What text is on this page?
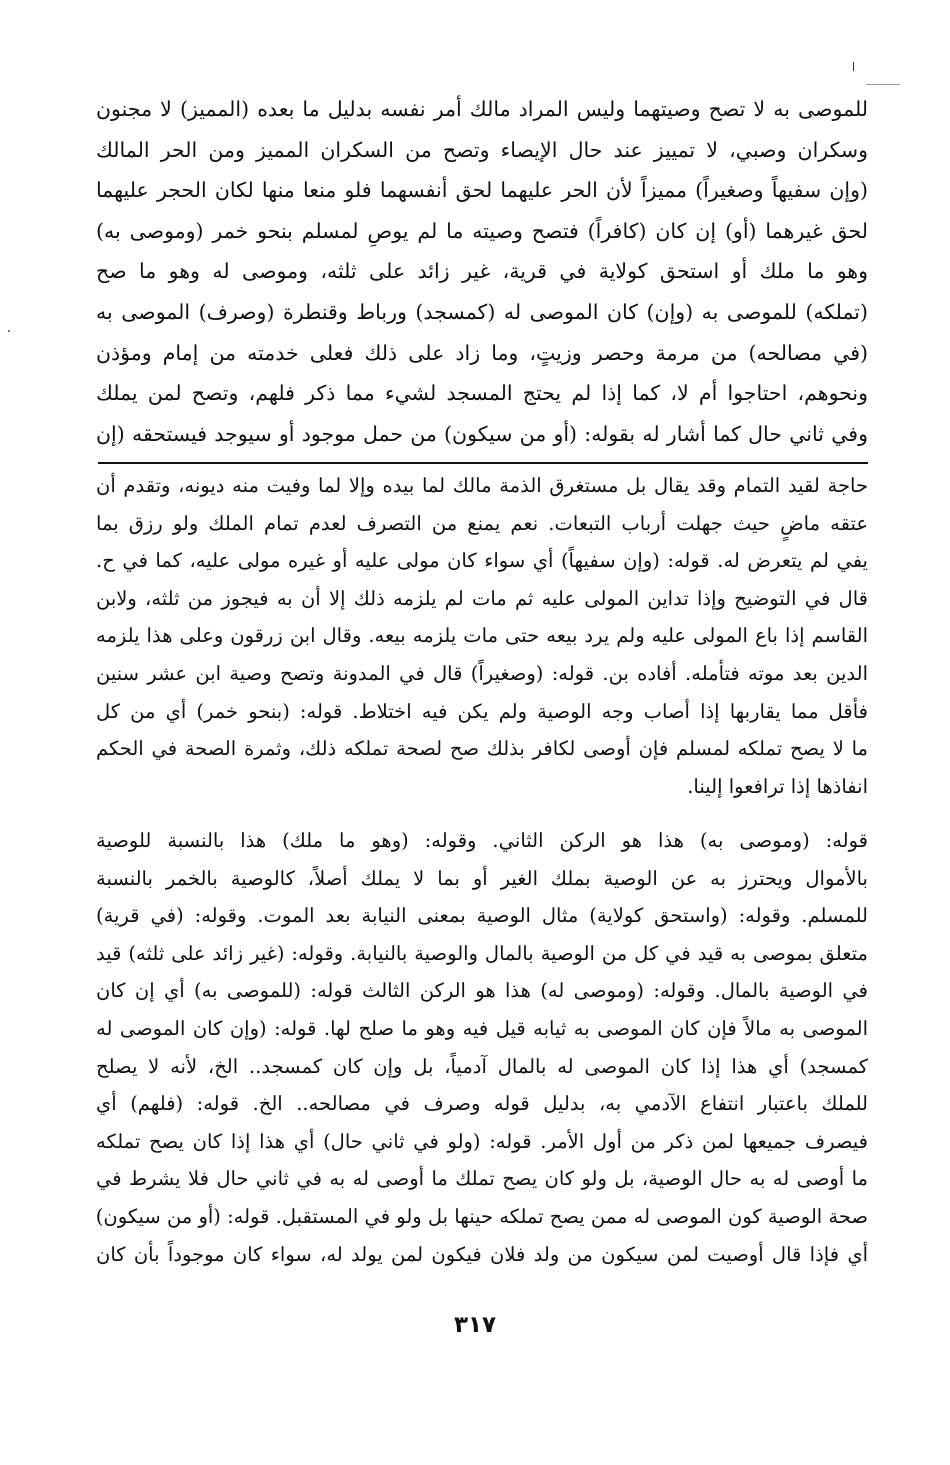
للموصى به لا تصح وصيتهما وليس المراد مالك أمر نفسه بدليل ما بعده (المميز) لا مجنون
وسكران وصبي، لا تمييز عند حال الإيصاء وتصح من السكران المميز ومن الحر المالك
(وإن سفيهاً وصغيراً) مميزاً لأن الحر عليهما لحق أنفسهما فلو منعا منها لكان الحجر عليهما
لحق غيرهما (أو) إن كان (كافراً) فتصح وصيته ما لم يوصِ لمسلم بنحو خمر (وموصى به)
وهو ما ملك أو استحق كولاية في قرية، غير زائد على ثلثه، وموصى له وهو ما صح
(تملكه) للموصى به (وإن) كان الموصى له (كمسجد) ورباط وقنطرة (وصرف) الموصى به
(في مصالحه) من مرمة وحصر وزيتٍ، وما زاد على ذلك فعلى خدمته من إمام ومؤذن
ونحوهم، احتاجوا أم لا، كما إذا لم يحتج المسجد لشيء مما ذكر فلهم، وتصح لمن يملك
وفي ثاني حال كما أشار له بقوله: (أو من سيكون) من حمل موجود أو سيوجد فيستحقه (إن
حاجة لقيد التمام وقد يقال بل مستغرق الذمة مالك لما بيده وإلا لما وفيت منه ديونه، وتقدم أن
عتقه ماضٍ حيث جهلت أرباب التبعات. نعم يمنع من التصرف لعدم تمام الملك ولو رزق بما
يفي لم يتعرض له. قوله: (وإن سفيهاً) أي سواء كان مولى عليه أو غيره مولى عليه، كما في ح.
قال في التوضيح وإذا تداين المولى عليه ثم مات لم يلزمه ذلك إلا أن به فيجوز من ثلثه، ولابن
القاسم إذا باع المولى عليه ولم يرد بيعه حتى مات يلزمه بيعه. وقال ابن زرقون وعلى هذا يلزمه
الدين بعد موته فتأمله. أفاده بن. قوله: (وصغيراً) قال في المدونة وتصح وصية ابن عشر سنين
فأقل مما يقاربها إذا أصاب وجه الوصية ولم يكن فيه اختلاط. قوله: (بنحو خمر) أي من كل
ما لا يصح تملكه لمسلم فإن أوصى لكافر بذلك صح لصحة تملكه ذلك، وثمرة الصحة في الحكم
انفاذها إذا ترافعوا إلينا.
قوله: (وموصى به) هذا هو الركن الثاني. وقوله: (وهو ما ملك) هذا بالنسبة للوصية
بالأموال ويحترز به عن الوصية بملك الغير أو بما لا يملك أصلاً، كالوصية بالخمر بالنسبة
للمسلم. وقوله: (واستحق كولاية) مثال الوصية بمعنى النيابة بعد الموت. وقوله: (في قرية)
متعلق بموصى به قيد في كل من الوصية بالمال والوصية بالنيابة. وقوله: (غير زائد على ثلثه) قيد
في الوصية بالمال. وقوله: (وموصى له) هذا هو الركن الثالث قوله: (للموصى به) أي إن كان
الموصى به مالاً فإن كان الموصى به ثيابه قيل فيه وهو ما صلح لها. قوله: (وإن كان الموصى له
كمسجد) أي هذا إذا كان الموصى له بالمال آدمياً، بل وإن كان كمسجد.. الخ، لأنه لا يصلح
للملك باعتبار انتفاع الآدمي به، بدليل قوله وصرف في مصالحه.. الخ. قوله: (فلهم) أي
فيصرف جميعها لمن ذكر من أول الأمر. قوله: (ولو في ثاني حال) أي هذا إذا كان يصح تملكه
ما أوصى له به حال الوصية، بل ولو كان يصح تملك ما أوصى له به في ثاني حال فلا يشرط في
صحة الوصية كون الموصى له ممن يصح تملكه حينها بل ولو في المستقبل. قوله: (أو من سيكون)
أي فإذا قال أوصيت لمن سيكون من ولد فلان فيكون لمن يولد له، سواء كان موجوداً بأن كان
٣١٧
